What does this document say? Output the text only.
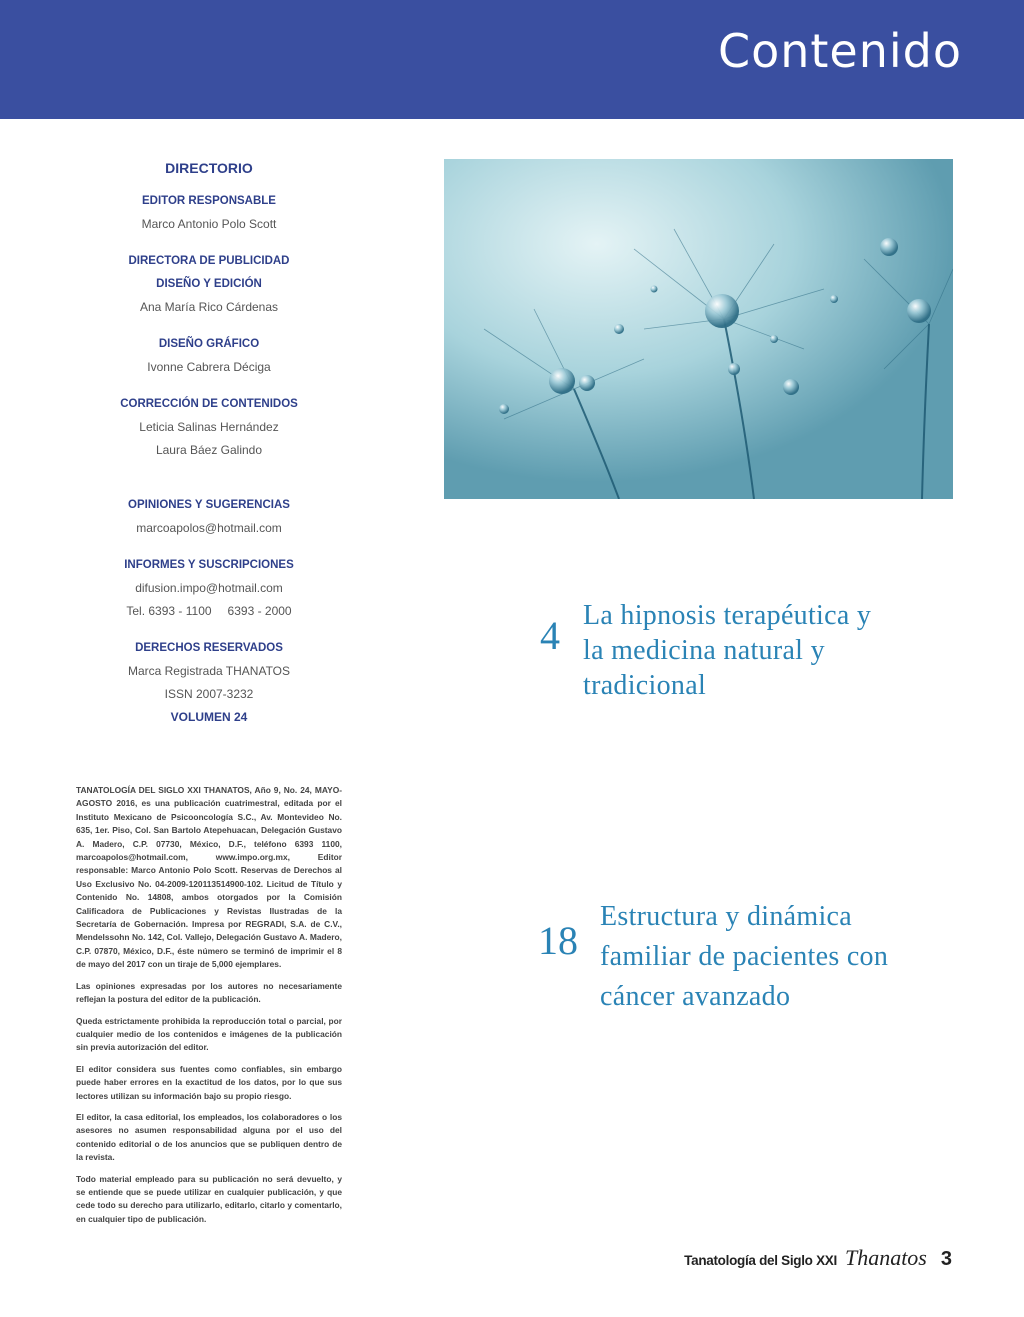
Contenido
DIRECTORIO
EDITOR RESPONSABLE
Marco Antonio Polo Scott
DIRECTORA DE PUBLICIDAD
DISEÑO Y EDICIÓN
Ana María Rico Cárdenas
DISEÑO GRÁFICO
Ivonne Cabrera Déciga
CORRECCIÓN DE CONTENIDOS
Leticia Salinas Hernández
Laura Báez Galindo
OPINIONES Y SUGERENCIAS
marcoapolos@hotmail.com
INFORMES Y SUSCRIPCIONES
difusion.impo@hotmail.com
Tel. 6393 - 1100 6393 - 2000
DERECHOS RESERVADOS
Marca Registrada THANATOS
ISSN 2007-3232
VOLUMEN 24

TANATOLOGÍA DEL SIGLO XXI THANATOS, Año 9, No. 24, MAYO-AGOSTO 2016, es una publicación cuatrimestral, editada por el Instituto Mexicano de Psicooncología S.C., Av. Montevideo No. 635, 1er. Piso, Col. San Bartolo Atepehuacan, Delegación Gustavo A. Madero, C.P. 07730, México, D.F., teléfono 6393 1100, marcoapolos@hotmail.com, www.impo.org.mx, Editor responsable: Marco Antonio Polo Scott. Reservas de Derechos al Uso Exclusivo No. 04-2009-120113514900-102. Licitud de Título y Contenido No. 14808, ambos otorgados por la Comisión Calificadora de Publicaciones y Revistas Ilustradas de la Secretaría de Gobernación. Impresa por REGRADI, S.A. de C.V., Mendelssohn No. 142, Col. Vallejo, Delegación Gustavo A. Madero, C.P. 07870, México, D.F., éste número se terminó de imprimir el 8 de mayo del 2017 con un tiraje de 5,000 ejemplares.

Las opiniones expresadas por los autores no necesariamente reflejan la postura del editor de la publicación.

Queda estrictamente prohibida la reproducción total o parcial, por cualquier medio de los contenidos e imágenes de la publicación sin previa autorización del editor.

El editor considera sus fuentes como confiables, sin embargo puede haber errores en la exactitud de los datos, por lo que sus lectores utilizan su información bajo su propio riesgo.

El editor, la casa editorial, los empleados, los colaboradores o los asesores no asumen responsabilidad alguna por el uso del contenido editorial o de los anuncios que se publiquen dentro de la revista.

Todo material empleado para su publicación no será devuelto, y se entiende que se puede utilizar en cualquier publicación, y que cede todo su derecho para utilizarlo, editarlo, citarlo y comentarlo, en cualquier tipo de publicación.

4 La hipnosis terapéutica y
la medicina natural y
tradicional
18
Estructura y dinámica
familiar de pacientes con
cáncer avanzado
Tanatología del Siglo XXI Thanatos 3
